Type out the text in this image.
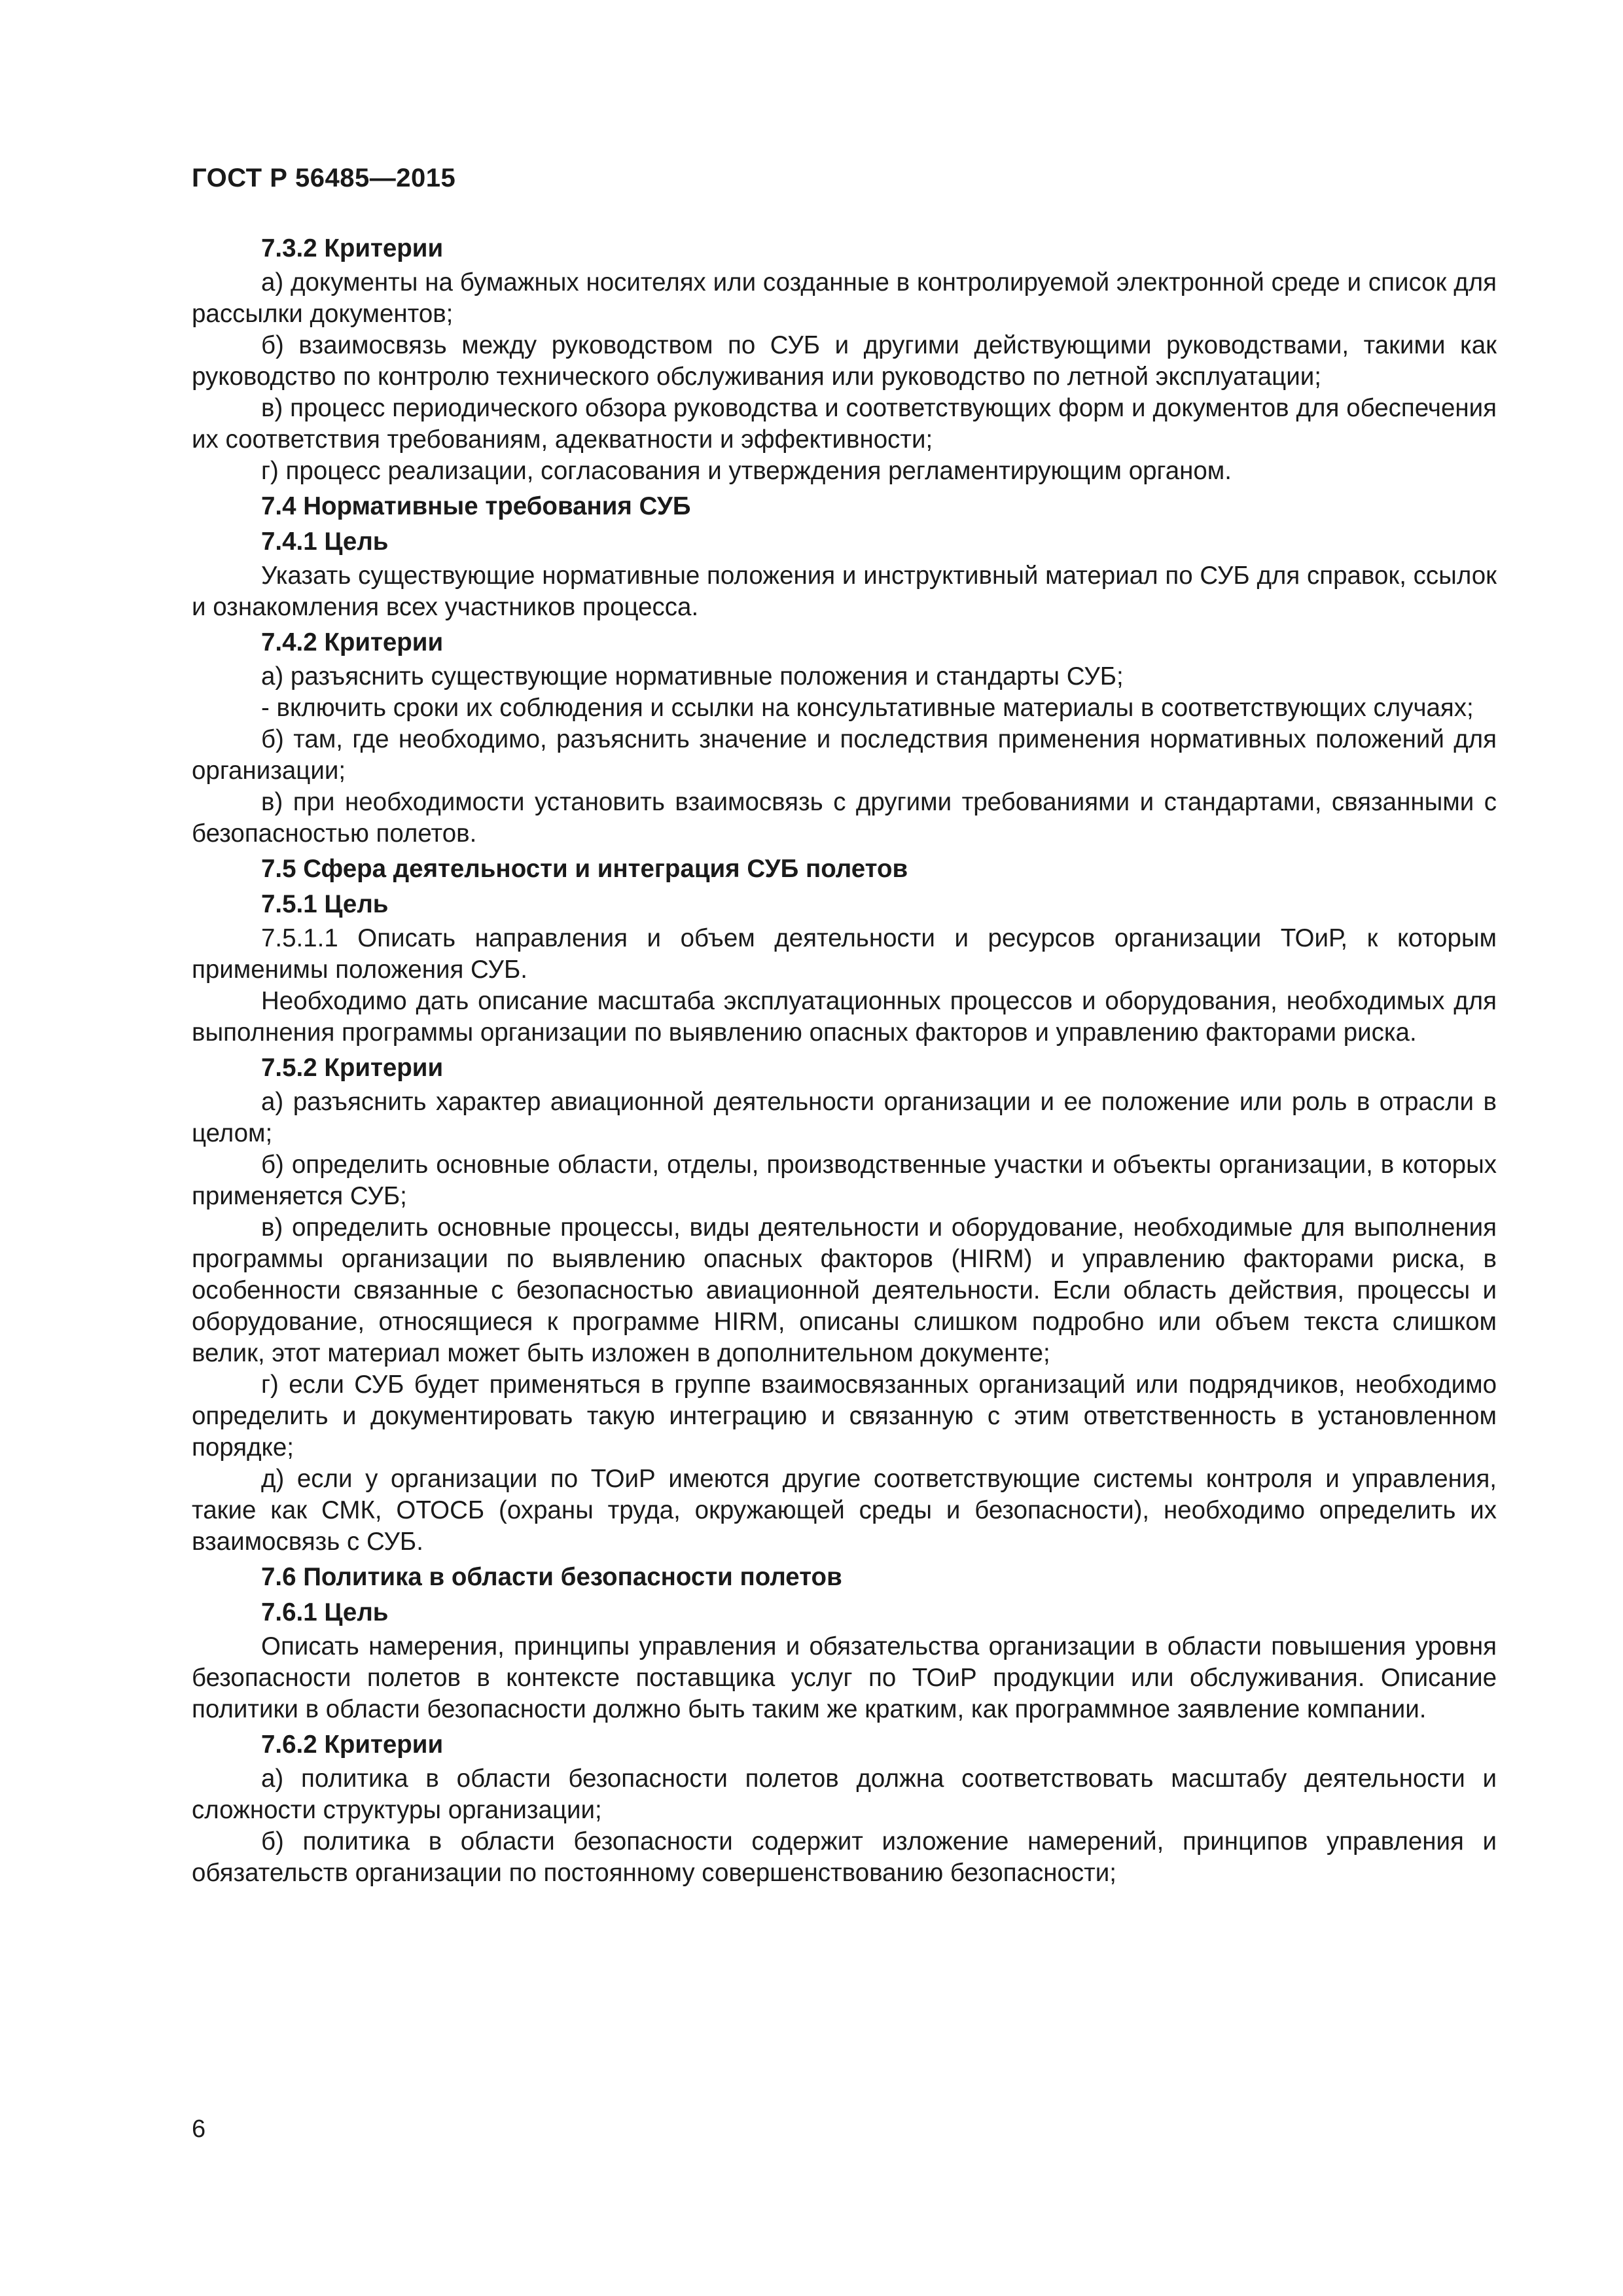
ГОСТ Р 56485—2015
7.3.2 Критерии

а) документы на бумажных носителях или созданные в контролируемой электронной среде и список для рассылки документов;

б) взаимосвязь между руководством по СУБ и другими действующими руководствами, такими как руководство по контролю технического обслуживания или руководство по летной эксплуатации;

в) процесс периодического обзора руководства и соответствующих форм и документов для обеспечения их соответствия требованиям, адекватности и эффективности;

г) процесс реализации, согласования и утверждения регламентирующим органом.

7.4 Нормативные требования СУБ
7.4.1 Цель

Указать существующие нормативные положения и инструктивный материал по СУБ для справок, ссылок и ознакомления всех участников процесса.

7.4.2 Критерии

а) разъяснить существующие нормативные положения и стандарты СУБ;

- включить сроки их соблюдения и ссылки на консультативные материалы в соответствующих случаях;

б) там, где необходимо, разъяснить значение и последствия применения нормативных положений для организации;

в) при необходимости установить взаимосвязь с другими требованиями и стандартами, связанными с безопасностью полетов.

7.5 Сфера деятельности и интеграция СУБ полетов
7.5.1 Цель

7.5.1.1 Описать направления и объем деятельности и ресурсов организации ТОиР, к которым применимы положения СУБ.

Необходимо дать описание масштаба эксплуатационных процессов и оборудования, необходимых для выполнения программы организации по выявлению опасных факторов и управлению факторами риска.

7.5.2 Критерии

а) разъяснить характер авиационной деятельности организации и ее положение или роль в отрасли в целом;

б) определить основные области, отделы, производственные участки и объекты организации, в которых применяется СУБ;

в) определить основные процессы, виды деятельности и оборудование, необходимые для выполнения программы организации по выявлению опасных факторов (HIRM) и управлению факторами риска, в особенности связанные с безопасностью авиационной деятельности. Если область действия, процессы и оборудование, относящиеся к программе HIRM, описаны слишком подробно или объем текста слишком велик, этот материал может быть изложен в дополнительном документе;

г) если СУБ будет применяться в группе взаимосвязанных организаций или подрядчиков, необходимо определить и документировать такую интеграцию и связанную с этим ответственность в установленном порядке;

д) если у организации по ТОиР имеются другие соответствующие системы контроля и управления, такие как СМК, ОТОСБ (охраны труда, окружающей среды и безопасности), необходимо определить их взаимосвязь с СУБ.

7.6 Политика в области безопасности полетов
7.6.1 Цель

Описать намерения, принципы управления и обязательства организации в области повышения уровня безопасности полетов в контексте поставщика услуг по ТОиР продукции или обслуживания. Описание политики в области безопасности должно быть таким же кратким, как программное заявление компании.

7.6.2 Критерии

а) политика в области безопасности полетов должна соответствовать масштабу деятельности и сложности структуры организации;

б) политика в области безопасности содержит изложение намерений, принципов управления и обязательств организации по постоянному совершенствованию безопасности;

6
